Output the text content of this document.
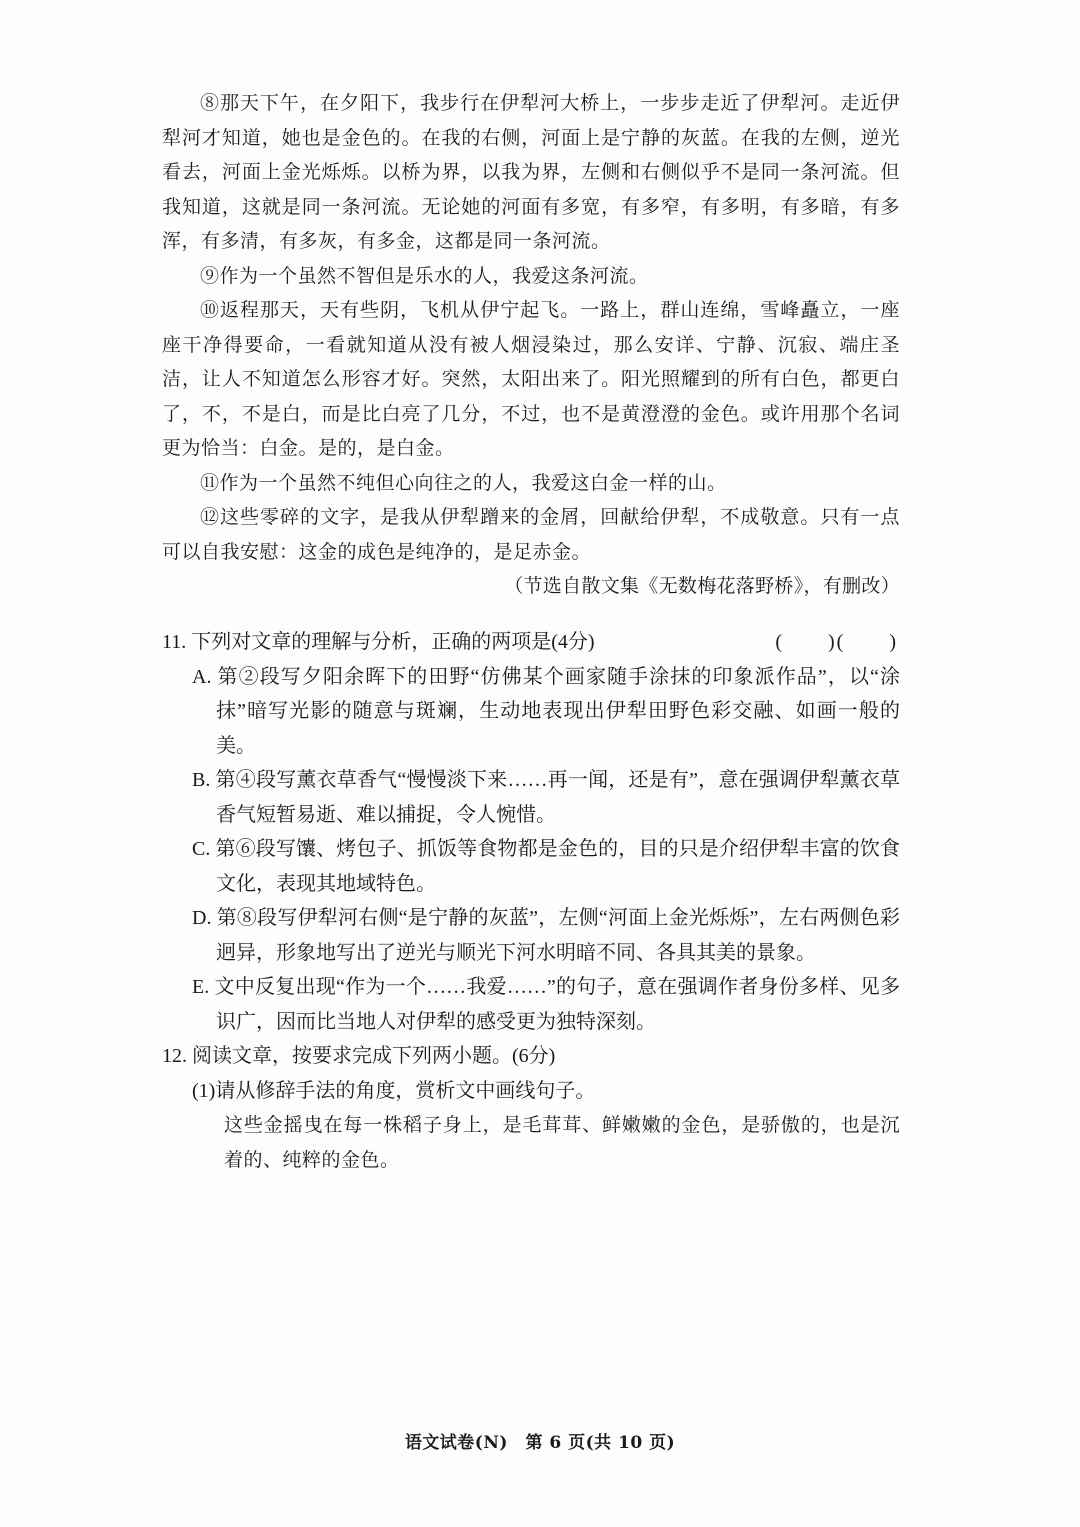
⑧那天下午，在夕阳下，我步行在伊犁河大桥上，一步步走近了伊犁河。走近伊犁河才知道，她也是金色的。在我的右侧，河面上是宁静的灰蓝。在我的左侧，逆光看去，河面上金光烁烁。以桥为界，以我为界，左侧和右侧似乎不是同一条河流。但我知道，这就是同一条河流。无论她的河面有多宽，有多窄，有多明，有多暗，有多浑，有多清，有多灰，有多金，这都是同一条河流。

⑨作为一个虽然不智但是乐水的人，我爱这条河流。

⑩返程那天，天有些阴，飞机从伊宁起飞。一路上，群山连绵，雪峰矗立，一座座干净得要命，一看就知道从没有被人烟浸染过，那么安详、宁静、沉寂、端庄圣洁，让人不知道怎么形容才好。突然，太阳出来了。阳光照耀到的所有白色，都更白了，不，不是白，而是比白亮了几分，不过，也不是黄澄澄的金色。或许用那个名词更为恰当：白金。是的，是白金。

⑪作为一个虽然不纯但心向往之的人，我爱这白金一样的山。

⑫这些零碎的文字，是我从伊犁蹭来的金屑，回献给伊犁，不成敬意。只有一点可以自我安慰：这金的成色是纯净的，是足赤金。

（节选自散文集《无数梅花落野桥》，有删改）

11. 下列对文章的理解与分析，正确的两项是(4分)	(　　)(　　)

A. 第②段写夕阳余晖下的田野“仿佛某个画家随手涂抹的印象派作品”，以“涂抹”暗写光影的随意与斑斓，生动地表现出伊犁田野色彩交融、如画一般的美。

B. 第④段写薰衣草香气“慢慢淡下来……再一闻，还是有”，意在强调伊犁薰衣草香气短暂易逝、难以捕捉，令人惋惜。

C. 第⑥段写馕、烤包子、抓饭等食物都是金色的，目的只是介绍伊犁丰富的饮食文化，表现其地域特色。

D. 第⑧段写伊犁河右侧“是宁静的灰蓝”，左侧“河面上金光烁烁”，左右两侧色彩迥异，形象地写出了逆光与顺光下河水明暗不同、各具其美的景象。

E. 文中反复出现“作为一个……我爱……”的句子，意在强调作者身份多样、见多识广，因而比当地人对伊犁的感受更为独特深刻。

12. 阅读文章，按要求完成下列两小题。(6分)

(1)请从修辞手法的角度，赏析文中画线句子。

这些金摇曳在每一株稻子身上，是毛茸茸、鲜嫩嫩的金色，是骄傲的，也是沉着的、纯粹的金色。

语文试卷(N)　第 6 页(共 10 页)
